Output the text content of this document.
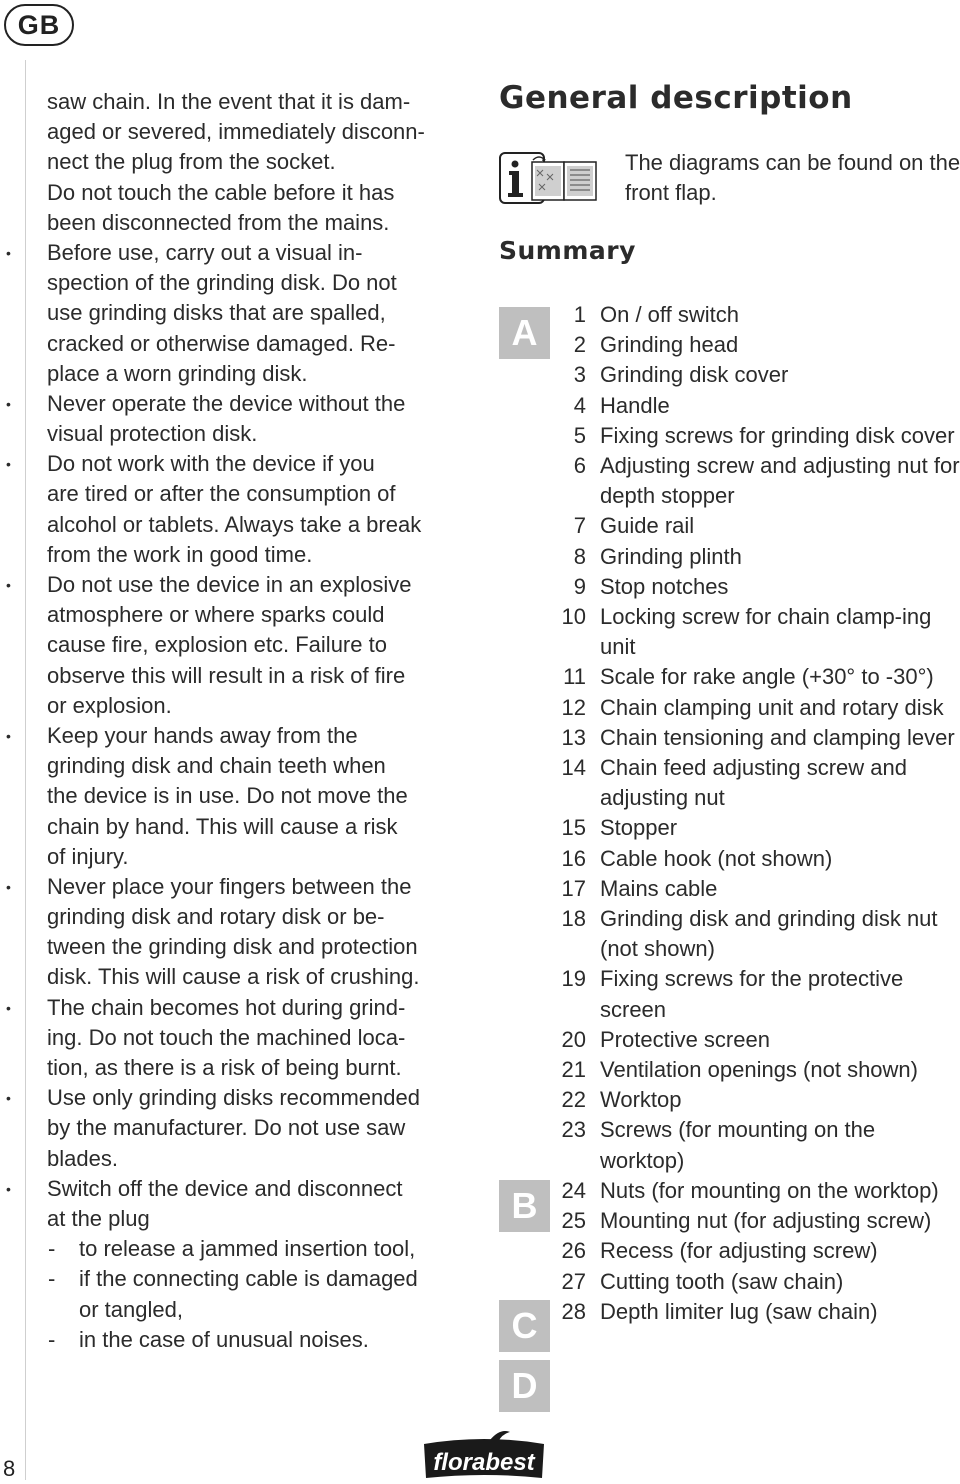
GB
saw chain. In the event that it is dam-
aged or severed, immediately disconn-
nect the plug from the socket.
Do not touch the cable before it has
been disconnected from the mains.
• Before use, carry out a visual in-
spection of the grinding disk. Do not
use grinding disks that are spalled,
cracked or otherwise damaged. Re-
place a worn grinding disk.
• Never operate the device without the
visual protection disk.
• Do not work with the device if you
are tired or after the consumption of
alcohol or tablets. Always take a break
from the work in good time.
• Do not use the device in an explosive
atmosphere or where sparks could
cause fire, explosion etc. Failure to
observe this will result in a risk of fire
or explosion.
• Keep your hands away from the
grinding disk and chain teeth when
the device is in use. Do not move the
chain by hand. This will cause a risk
of injury.
• Never place your fingers between the
grinding disk and rotary disk or be-
tween the grinding disk and protection
disk. This will cause a risk of crushing.
• The chain becomes hot during grind-
ing. Do not touch the machined loca-
tion, as there is a risk of being burnt.
• Use only grinding disks recommended
by the manufacturer. Do not use saw
blades.
• Switch off the device and disconnect
at the plug
- to release a jammed insertion tool,
- if the connecting cable is damaged
or tangled,
- in the case of unusual noises.
General description
The diagrams can be found on the front flap.
Summary
A
B
C
D
1 On / off switch
2 Grinding head
3 Grinding disk cover
4 Handle
5 Fixing screws for grinding disk cover
6 Adjusting screw and adjusting nut for depth stopper
7 Guide rail
8 Grinding plinth
9 Stop notches
10 Locking screw for chain clamp-ing unit
11 Scale for rake angle (+30° to -30°)
12 Chain clamping unit and rotary disk
13 Chain tensioning and clamping lever
14 Chain feed adjusting screw and adjusting nut
15 Stopper
16 Cable hook (not shown)
17 Mains cable
18 Grinding disk and grinding disk nut (not shown)
19 Fixing screws for the protective screen
20 Protective screen
21 Ventilation openings (not shown)
22 Worktop
23 Screws (for mounting on the worktop)
24 Nuts (for mounting on the worktop)
25 Mounting nut (for adjusting screw)
26 Recess (for adjusting screw)
27 Cutting tooth (saw chain)
28 Depth limiter lug (saw chain)
8	florabest
